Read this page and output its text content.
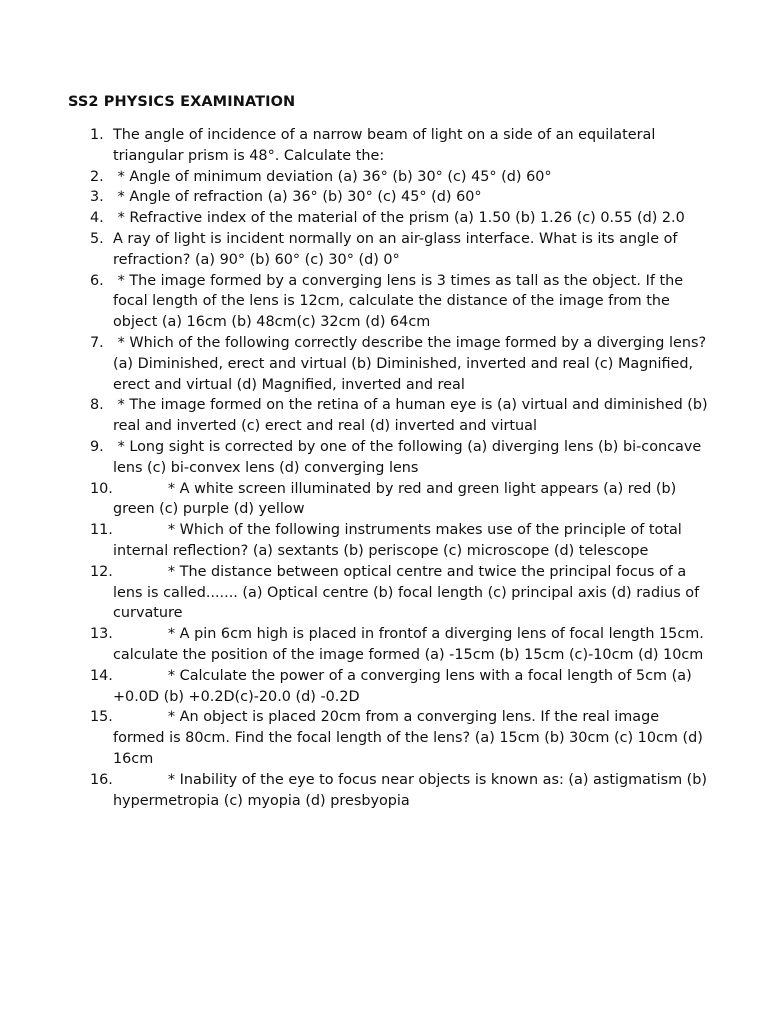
SS2 PHYSICS EXAMINATION
1. The angle of incidence of a narrow beam of light on a side of an equilateral triangular prism is 48°. Calculate the:
2. * Angle of minimum deviation (a) 36° (b) 30° (c) 45° (d) 60°
3. * Angle of refraction (a) 36° (b) 30° (c) 45° (d) 60°
4. * Refractive index of the material of the prism (a) 1.50 (b) 1.26 (c) 0.55 (d) 2.0
5. A ray of light is incident normally on an air-glass interface. What is its angle of refraction? (a) 90° (b) 60° (c) 30° (d) 0°
6. * The image formed by a converging lens is 3 times as tall as the object. If the focal length of the lens is 12cm, calculate the distance of the image from the object (a) 16cm (b) 48cm(c) 32cm (d) 64cm
7. * Which of the following correctly describe the image formed by a diverging lens? (a) Diminished, erect and virtual (b) Diminished, inverted and real (c) Magnified, erect and virtual (d) Magnified, inverted and real
8. * The image formed on the retina of a human eye is (a) virtual and diminished (b) real and inverted (c) erect and real (d) inverted and virtual
9. * Long sight is corrected by one of the following (a) diverging lens (b) bi-concave lens (c) bi-convex lens (d) converging lens
10. * A white screen illuminated by red and green light appears (a) red (b) green (c) purple (d) yellow
11. * Which of the following instruments makes use of the principle of total internal reflection? (a) sextants (b) periscope (c) microscope (d) telescope
12. * The distance between optical centre and twice the principal focus of a lens is called....... (a) Optical centre (b) focal length (c) principal axis (d) radius of curvature
13. * A pin 6cm high is placed in frontof a diverging lens of focal length 15cm. calculate the position of the image formed (a) -15cm (b) 15cm (c)-10cm (d) 10cm
14. * Calculate the power of a converging lens with a focal length of 5cm (a) +0.0D (b) +0.2D(c)-20.0 (d) -0.2D
15. * An object is placed 20cm from a converging lens. If the real image formed is 80cm. Find the focal length of the lens? (a) 15cm (b) 30cm (c) 10cm (d) 16cm
16. * Inability of the eye to focus near objects is known as: (a) astigmatism (b) hypermetropia (c) myopia (d) presbyopia
